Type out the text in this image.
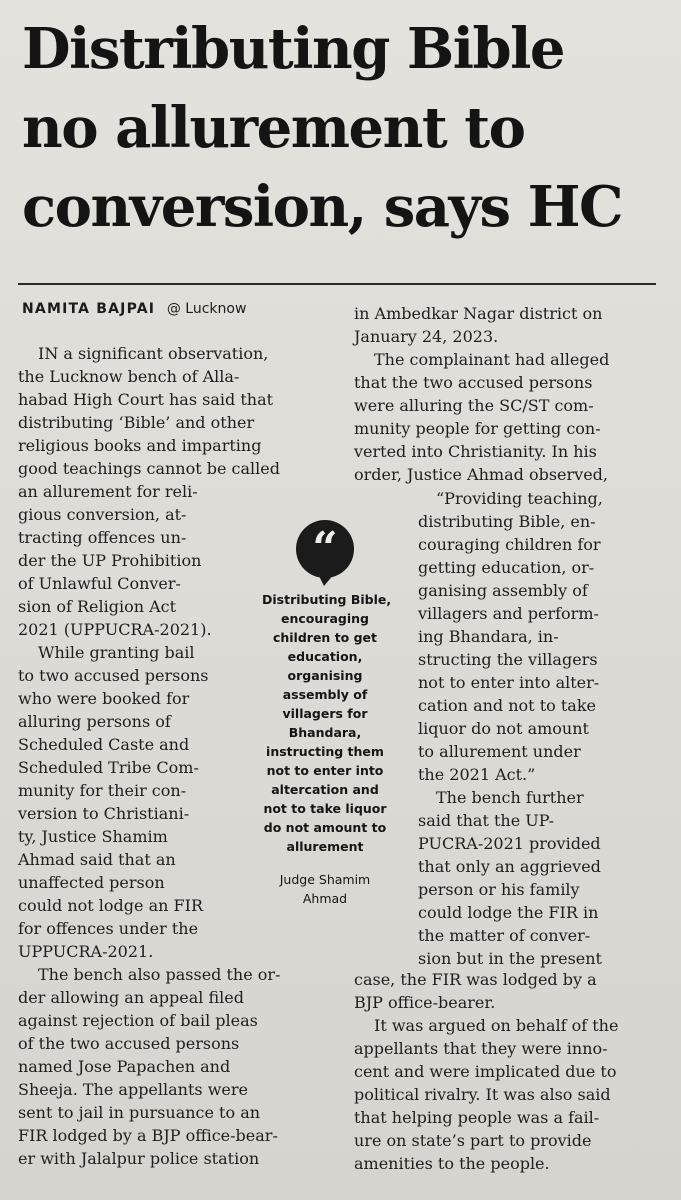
Distributing Bible
no allurement to
conversion, says HC
NAMITA BAJPAI @ Lucknow
IN a significant observation,
the Lucknow bench of Alla-
habad High Court has said that
distributing ‘Bible’ and other
religious books and imparting
good teachings cannot be called
an allurement for reli-
gious conversion, at-
tracting offences un-
der the UP Prohibition
of Unlawful Conver-
sion of Religion Act
2021 (UPPUCRA-2021).
While granting bail
to two accused persons
who were booked for
alluring persons of
Scheduled Caste and
Scheduled Tribe Com-
munity for their con-
version to Christiani-
ty, Justice Shamim
Ahmad said that an
unaffected person
could not lodge an FIR
for offences under the
UPPUCRA-2021.
The bench also passed the or-
der allowing an appeal filed
against rejection of bail pleas
of the two accused persons
named Jose Papachen and
Sheeja. The appellants were
sent to jail in pursuance to an
FIR lodged by a BJP office-bear-
er with Jalalpur police station
in Ambedkar Nagar district on
January 24, 2023.
The complainant had alleged
that the two accused persons
were alluring the SC/ST com-
munity people for getting con-
verted into Christianity. In his
order, Justice Ahmad observed,
“Providing teaching,
distributing Bible, en-
couraging children for
getting education, or-
ganising assembly of
villagers and perform-
ing Bhandara, in-
structing the villagers
not to enter into alter-
cation and not to take
liquor do not amount
to allurement under
the 2021 Act.”
The bench further
said that the UP-
PUCRA-2021 provided
that only an aggrieved
person or his family
could lodge the FIR in
the matter of conver-
sion but in the present
case, the FIR was lodged by a
BJP office-bearer.
It was argued on behalf of the
appellants that they were inno-
cent and were implicated due to
political rivalry. It was also said
that helping people was a fail-
ure on state’s part to provide
amenities to the people.
“
Distributing Bible,
encouraging
children to get
education,
organising
assembly of
villagers for
Bhandara,
instructing them
not to enter into
altercation and
not to take liquor
do not amount to
allurement
Judge Shamim
Ahmad
